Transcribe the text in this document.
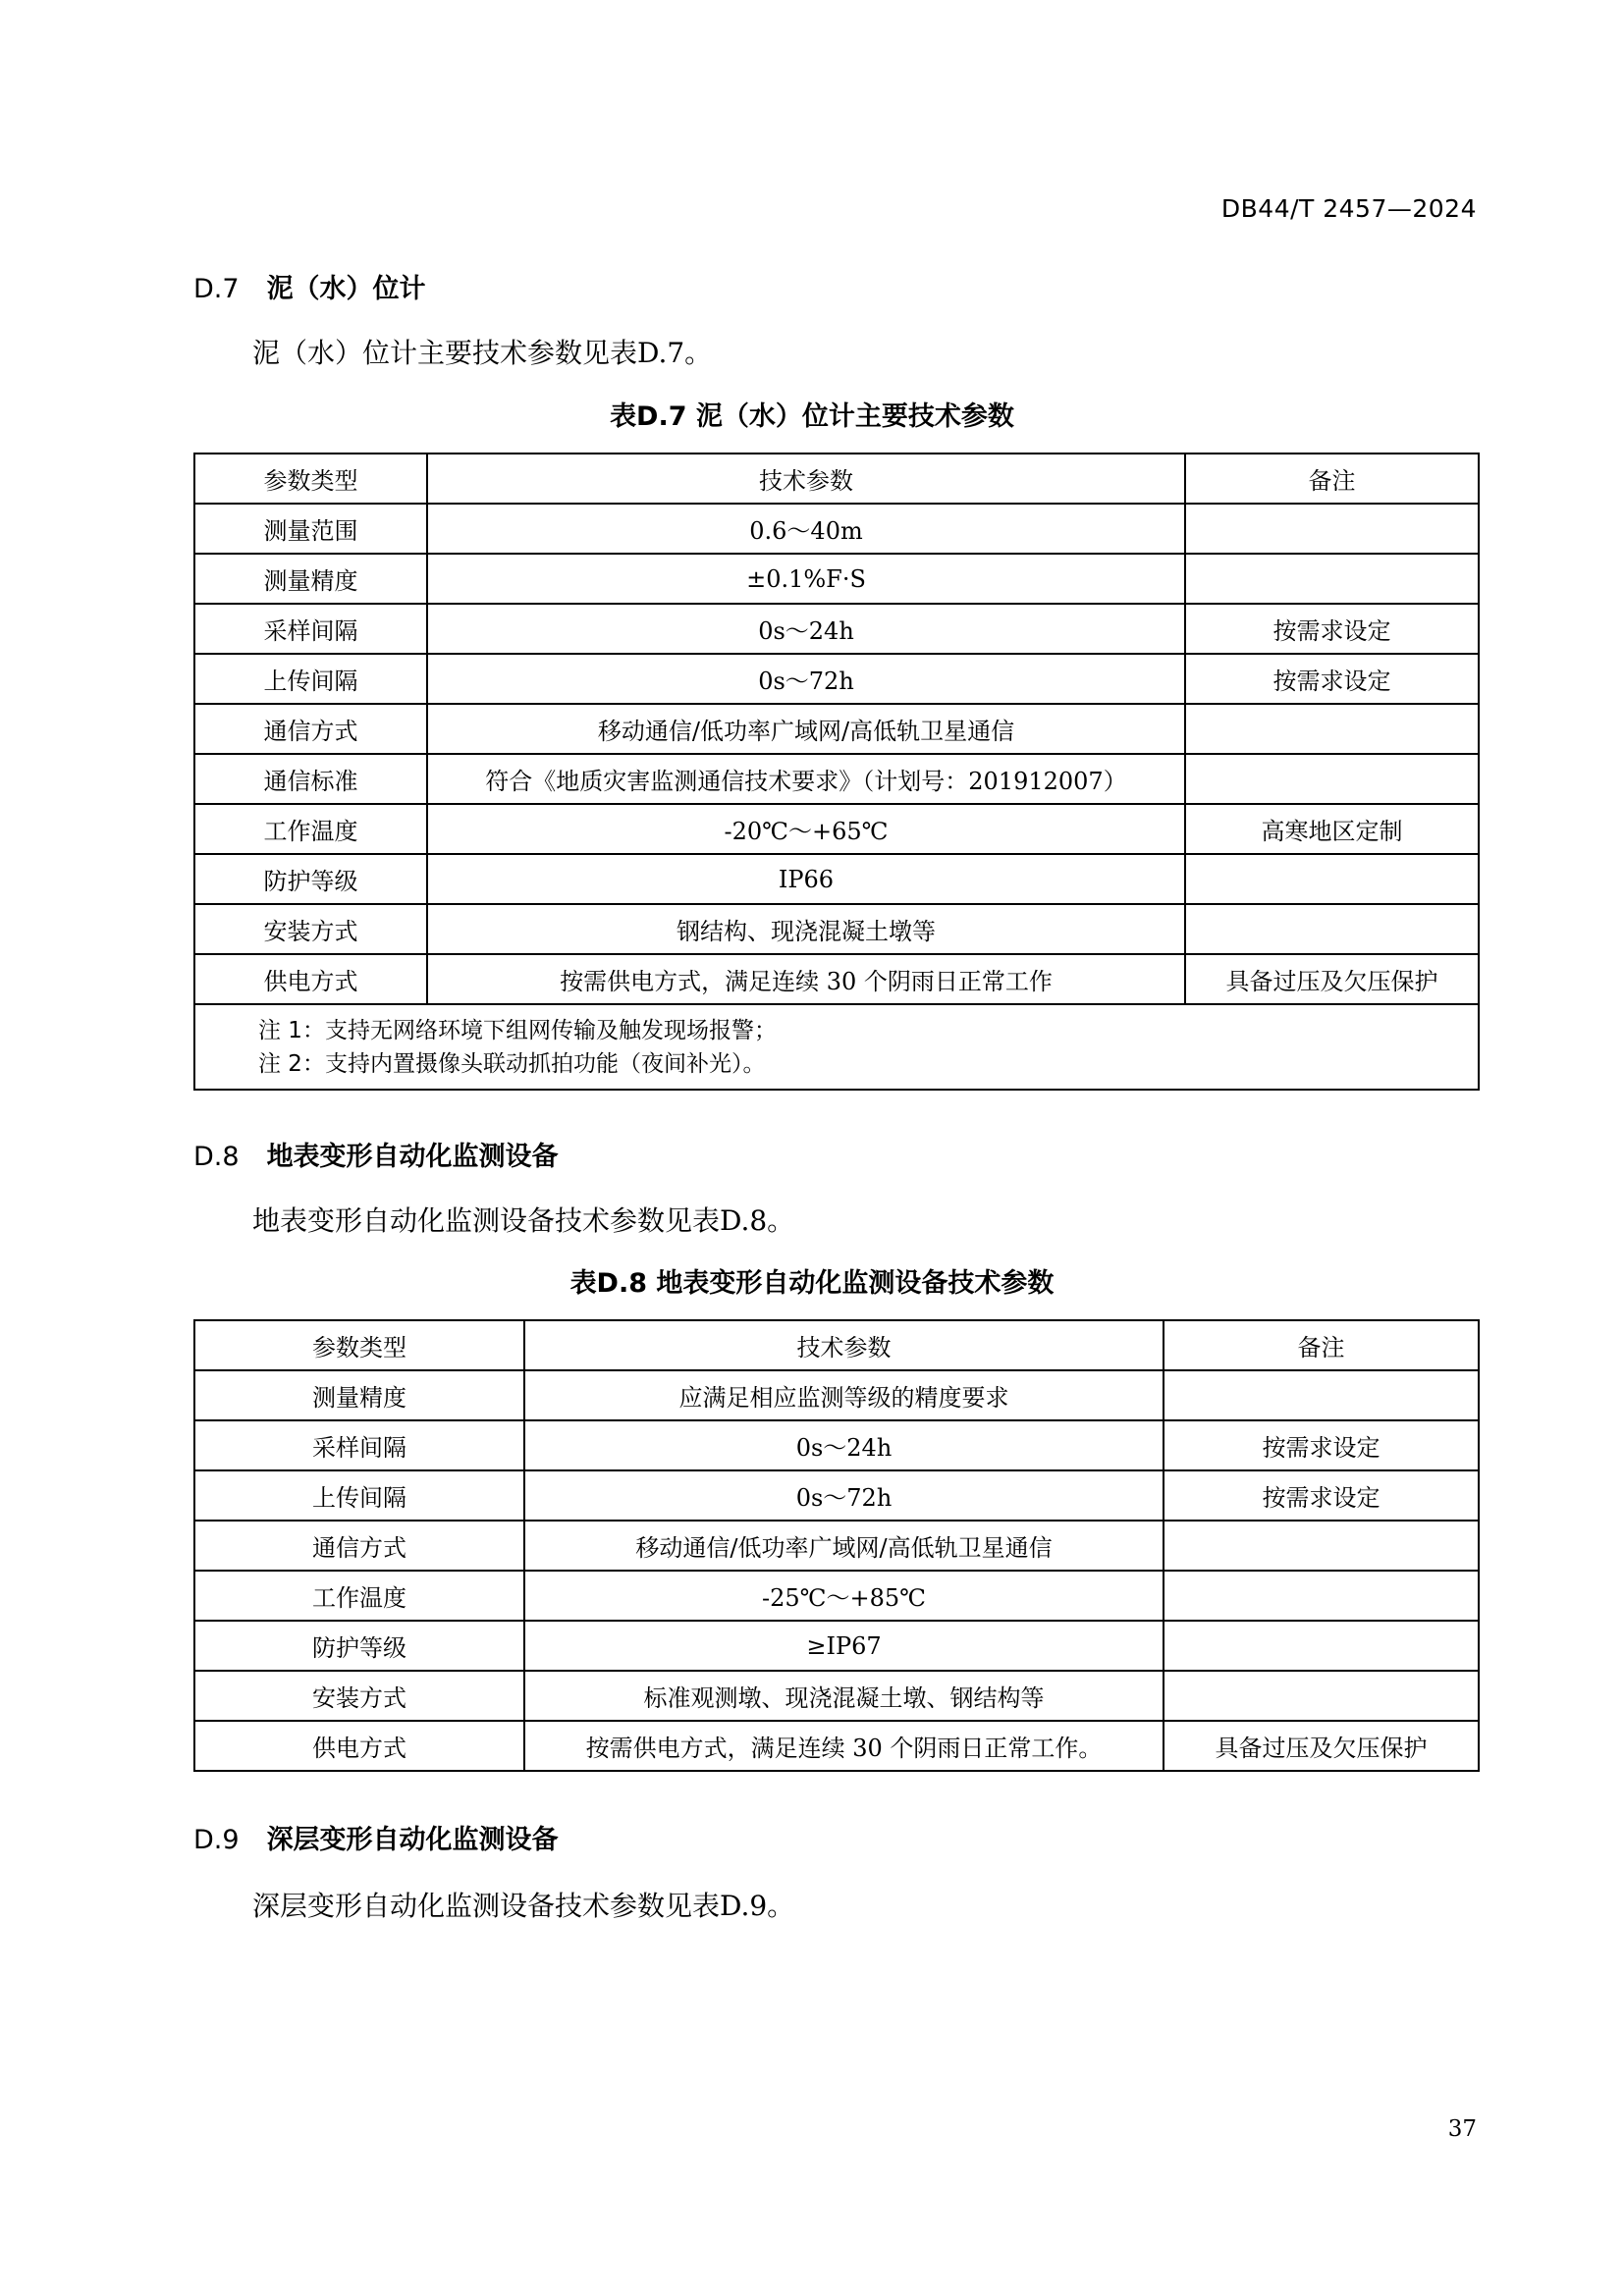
DB44/T 2457—2024
D.7 泥（水）位计
泥（水）位计主要技术参数见表D.7。
表D.7 泥（水）位计主要技术参数
参数类型	技术参数	备注
测量范围	0.6～40m	
测量精度	±0.1%F·S	
采样间隔	0s～24h	按需求设定
上传间隔	0s～72h	按需求设定
通信方式	移动通信/低功率广域网/高低轨卫星通信	
通信标准	符合《地质灾害监测通信技术要求》（计划号：201912007）	
工作温度	-20℃～+65℃	高寒地区定制
防护等级	IP66	
安装方式	钢结构、现浇混凝土墩等	
供电方式	按需供电方式，满足连续 30 个阴雨日正常工作	具备过压及欠压保护

注 1：支持无网络环境下组网传输及触发现场报警；
注 2：支持内置摄像头联动抓拍功能（夜间补光）。		
D.8 地表变形自动化监测设备
地表变形自动化监测设备技术参数见表D.8。
表D.8 地表变形自动化监测设备技术参数
参数类型	技术参数	备注
测量精度	应满足相应监测等级的精度要求	
采样间隔	0s～24h	按需求设定
上传间隔	0s～72h	按需求设定
通信方式	移动通信/低功率广域网/高低轨卫星通信	
工作温度	-25℃～+85℃	
防护等级	≥IP67	
安装方式	标准观测墩、现浇混凝土墩、钢结构等	
供电方式	按需供电方式，满足连续 30 个阴雨日正常工作。	具备过压及欠压保护
D.9 深层变形自动化监测设备
深层变形自动化监测设备技术参数见表D.9。
37
